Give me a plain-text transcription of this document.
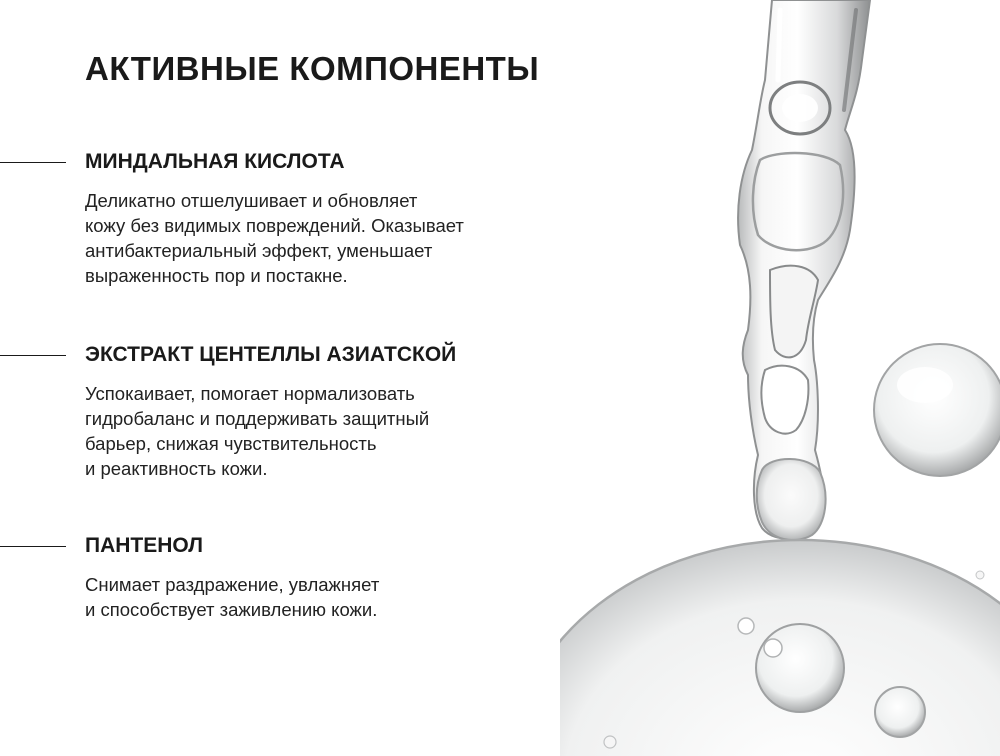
АКТИВНЫЕ КОМПОНЕНТЫ
МИНДАЛЬНАЯ КИСЛОТА

Деликатно отшелушивает и обновляет
кожу без видимых повреждений. Оказывает
антибактериальный эффект, уменьшает
выраженность пор и постакне.

ЭКСТРАКТ ЦЕНТЕЛЛЫ АЗИАТСКОЙ

Успокаивает, помогает нормализовать
гидробаланс и поддерживать защитный
барьер, снижая чувствительность
и реактивность кожи.

ПАНТЕНОЛ

Снимает раздражение, увлажняет
и способствует заживлению кожи.
